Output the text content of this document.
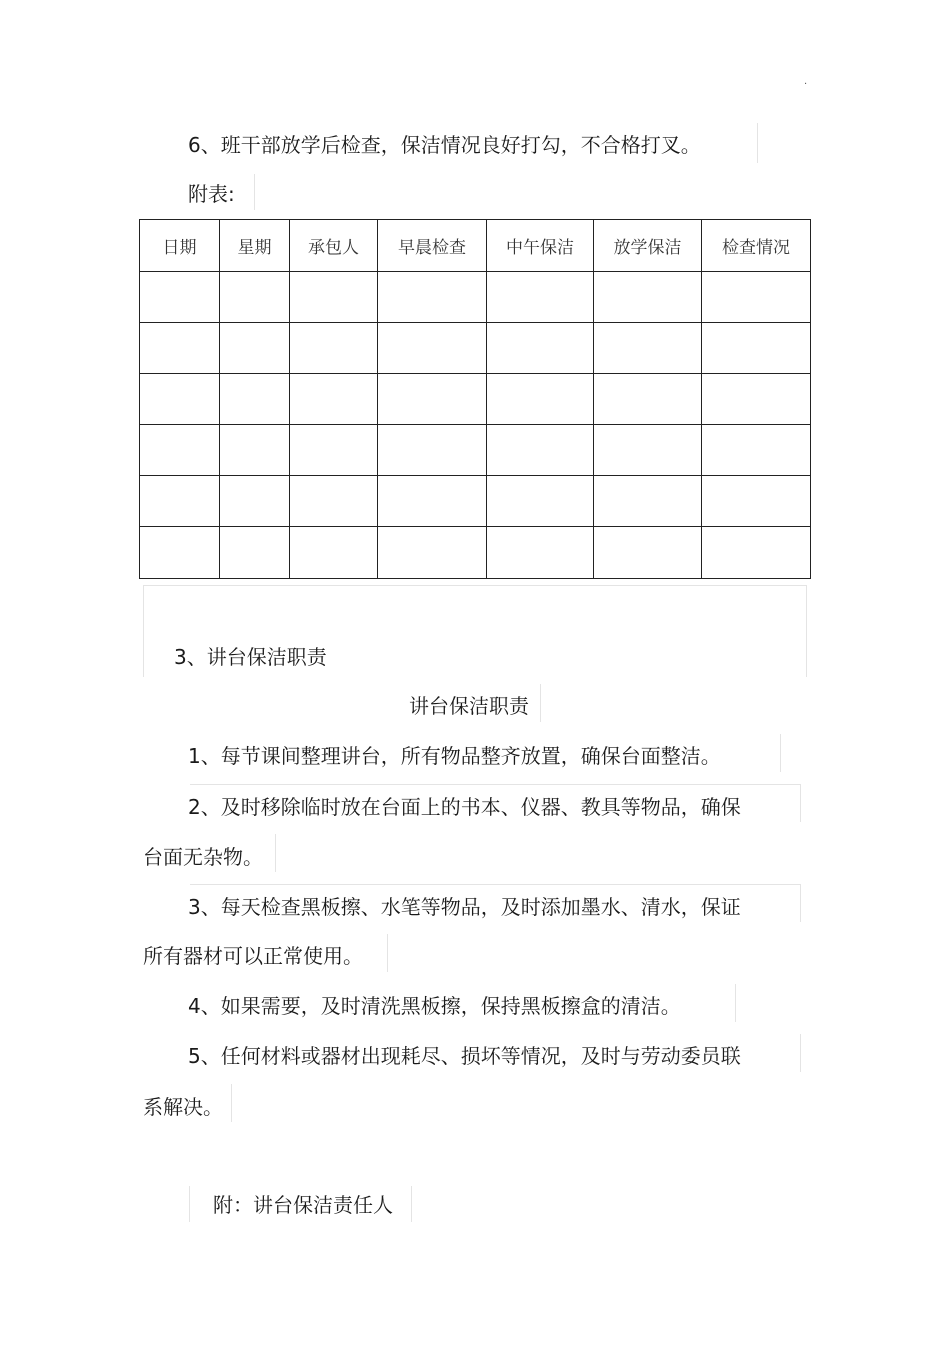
.
6、班干部放学后检查，保洁情况良好打勾，不合格打叉。
附表:
日期	星期	承包人	早晨检查	中午保洁	放学保洁	检查情况

3、讲台保洁职责
讲台保洁职责
1、每节课间整理讲台，所有物品整齐放置，确保台面整洁。
2、及时移除临时放在台面上的书本、仪器、教具等物品，确保
台面无杂物。
3、每天检查黑板擦、水笔等物品，及时添加墨水、清水，保证
所有器材可以正常使用。
4、如果需要，及时清洗黑板擦，保持黑板擦盒的清洁。
5、任何材料或器材出现耗尽、损坏等情况，及时与劳动委员联
系解决。
附：讲台保洁责任人
